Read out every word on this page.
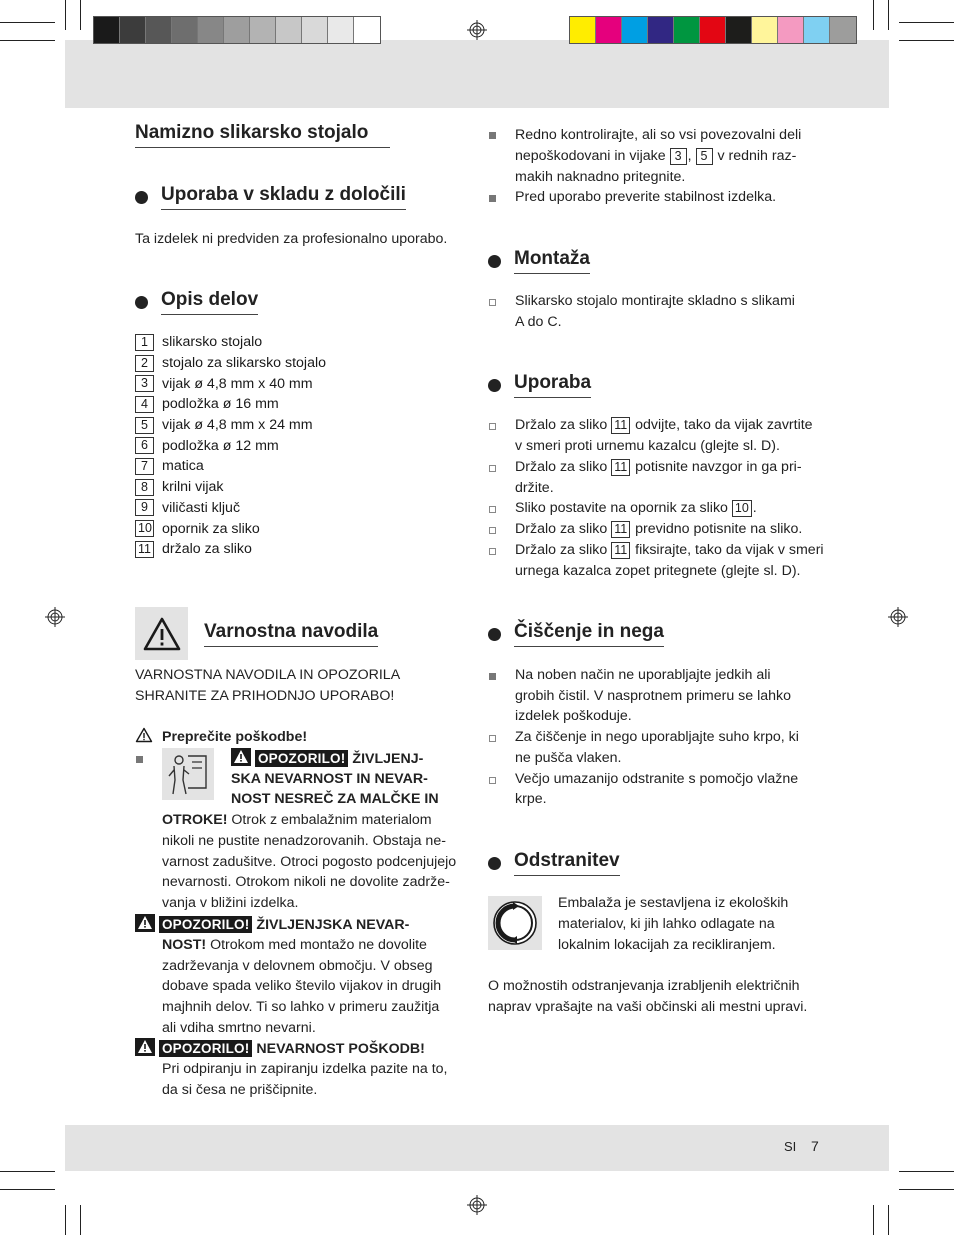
Namizno slikarsko stojalo
Uporaba v skladu z določili
Ta izdelek ni predviden za profesionalno uporabo.
Opis delov
1 slikarsko stojalo
2 stojalo za slikarsko stojalo
3 vijak ø 4,8 mm x 40 mm
4 podložka ø 16 mm
5 vijak ø 4,8 mm x 24 mm
6 podložka ø 12 mm
7 matica
8 krilni vijak
9 viličasti ključ
10 opornik za sliko
11 držalo za sliko
Varnostna navodila
VARNOSTNA NAVODILA IN OPOZORILA
SHRANITE ZA PRIHODNJO UPORABO!
Preprečite poškodbe!
OPOZORILO! ŽIVLJENJ-
SKA NEVARNOST IN NEVAR-
NOST NESREČ ZA MALČKE IN
OTROKE! Otrok z embalažnim materialom
nikoli ne pustite nenadzorovanih. Obstaja ne-
varnost zadušitve. Otroci pogosto podcenjujejo
nevarnosti. Otrokom nikoli ne dovolite zadrže-
vanja v bližini izdelka.
OPOZORILO! ŽIVLJENJSKA NEVAR-
NOST! Otrokom med montažo ne dovolite
zadrževanja v delovnem območju. V obseg
dobave spada veliko število vijakov in drugih
majhnih delov. Ti so lahko v primeru zaužitja
ali vdiha smrtno nevarni.
OPOZORILO! NEVARNOST POŠKODB!
Pri odpiranju in zapiranju izdelka pazite na to,
da si česa ne priščipnite.
Redno kontrolirajte, ali so vsi povezovalni deli
nepoškodovani in vijake 3 , 5 v rednih raz-
makih naknadno pritegnite.
Pred uporabo preverite stabilnost izdelka.
Montaža
Slikarsko stojalo montirajte skladno s slikami
A do C.
Uporaba
Držalo za sliko 11 odvijte, tako da vijak zavrtite
v smeri proti urnemu kazalcu (glejte sl. D).
Držalo za sliko 11 potisnite navzgor in ga pri-
držite.
Sliko postavite na opornik za sliko 10 .
Držalo za sliko 11 previdno potisnite na sliko.
Držalo za sliko 11 fiksirajte, tako da vijak v smeri
urnega kazalca zopet pritegnete (glejte sl. D).
Čiščenje in nega
Na noben način ne uporabljajte jedkih ali
grobih čistil. V nasprotnem primeru se lahko
izdelek poškoduje.
Za čiščenje in nego uporabljajte suho krpo, ki
ne pušča vlaken.
Večjo umazanijo odstranite s pomočjo vlažne
krpe.
Odstranitev
Embalaža je sestavljena iz ekoloških
materialov, ki jih lahko odlagate na
lokalnim lokacijah za recikliranjem.
O možnostih odstranjevanja izrabljenih električnih
naprav vprašajte na vaši občinski ali mestni upravi.
SI 7
